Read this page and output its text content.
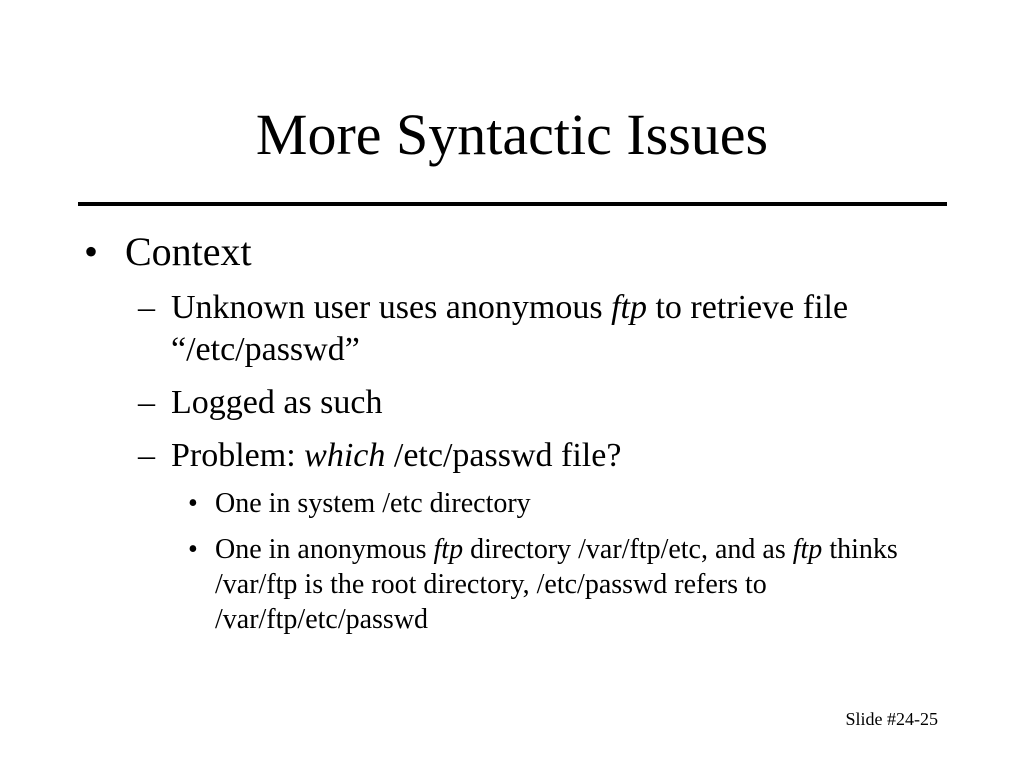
More Syntactic Issues
• Context
– Unknown user uses anonymous ftp to retrieve file “/etc/passwd”
– Logged as such
– Problem: which /etc/passwd file?
• One in system /etc directory
• One in anonymous ftp directory /var/ftp/etc, and as ftp thinks /var/ftp is the root directory, /etc/passwd refers to /var/ftp/etc/passwd
Slide #24-25
